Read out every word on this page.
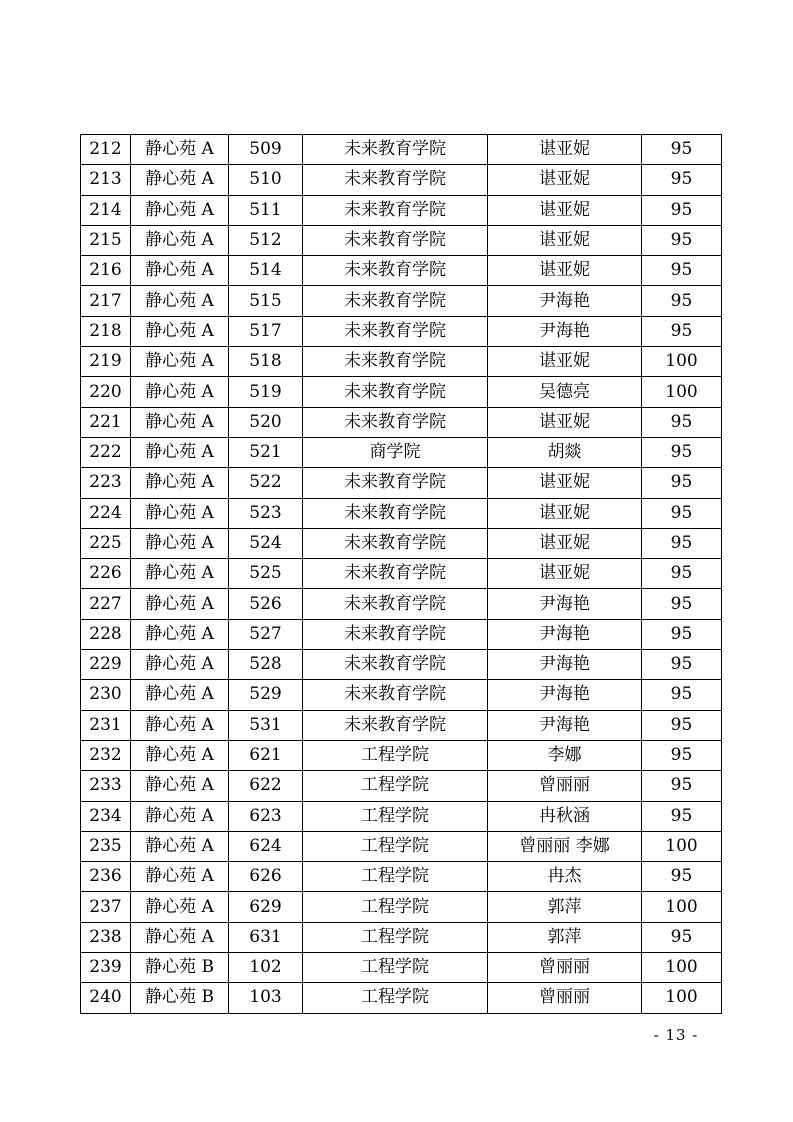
212	静心苑 A	509	未来教育学院	谌亚妮	95
213	静心苑 A	510	未来教育学院	谌亚妮	95
214	静心苑 A	511	未来教育学院	谌亚妮	95
215	静心苑 A	512	未来教育学院	谌亚妮	95
216	静心苑 A	514	未来教育学院	谌亚妮	95
217	静心苑 A	515	未来教育学院	尹海艳	95
218	静心苑 A	517	未来教育学院	尹海艳	95
219	静心苑 A	518	未来教育学院	谌亚妮	100
220	静心苑 A	519	未来教育学院	吴德亮	100
221	静心苑 A	520	未来教育学院	谌亚妮	95
222	静心苑 A	521	商学院	胡燚	95
223	静心苑 A	522	未来教育学院	谌亚妮	95
224	静心苑 A	523	未来教育学院	谌亚妮	95
225	静心苑 A	524	未来教育学院	谌亚妮	95
226	静心苑 A	525	未来教育学院	谌亚妮	95
227	静心苑 A	526	未来教育学院	尹海艳	95
228	静心苑 A	527	未来教育学院	尹海艳	95
229	静心苑 A	528	未来教育学院	尹海艳	95
230	静心苑 A	529	未来教育学院	尹海艳	95
231	静心苑 A	531	未来教育学院	尹海艳	95
232	静心苑 A	621	工程学院	李娜	95
233	静心苑 A	622	工程学院	曾丽丽	95
234	静心苑 A	623	工程学院	冉秋涵	95
235	静心苑 A	624	工程学院	曾丽丽 李娜	100
236	静心苑 A	626	工程学院	冉杰	95
237	静心苑 A	629	工程学院	郭萍	100
238	静心苑 A	631	工程学院	郭萍	95
239	静心苑 B	102	工程学院	曾丽丽	100
240	静心苑 B	103	工程学院	曾丽丽	100
- 13 -
